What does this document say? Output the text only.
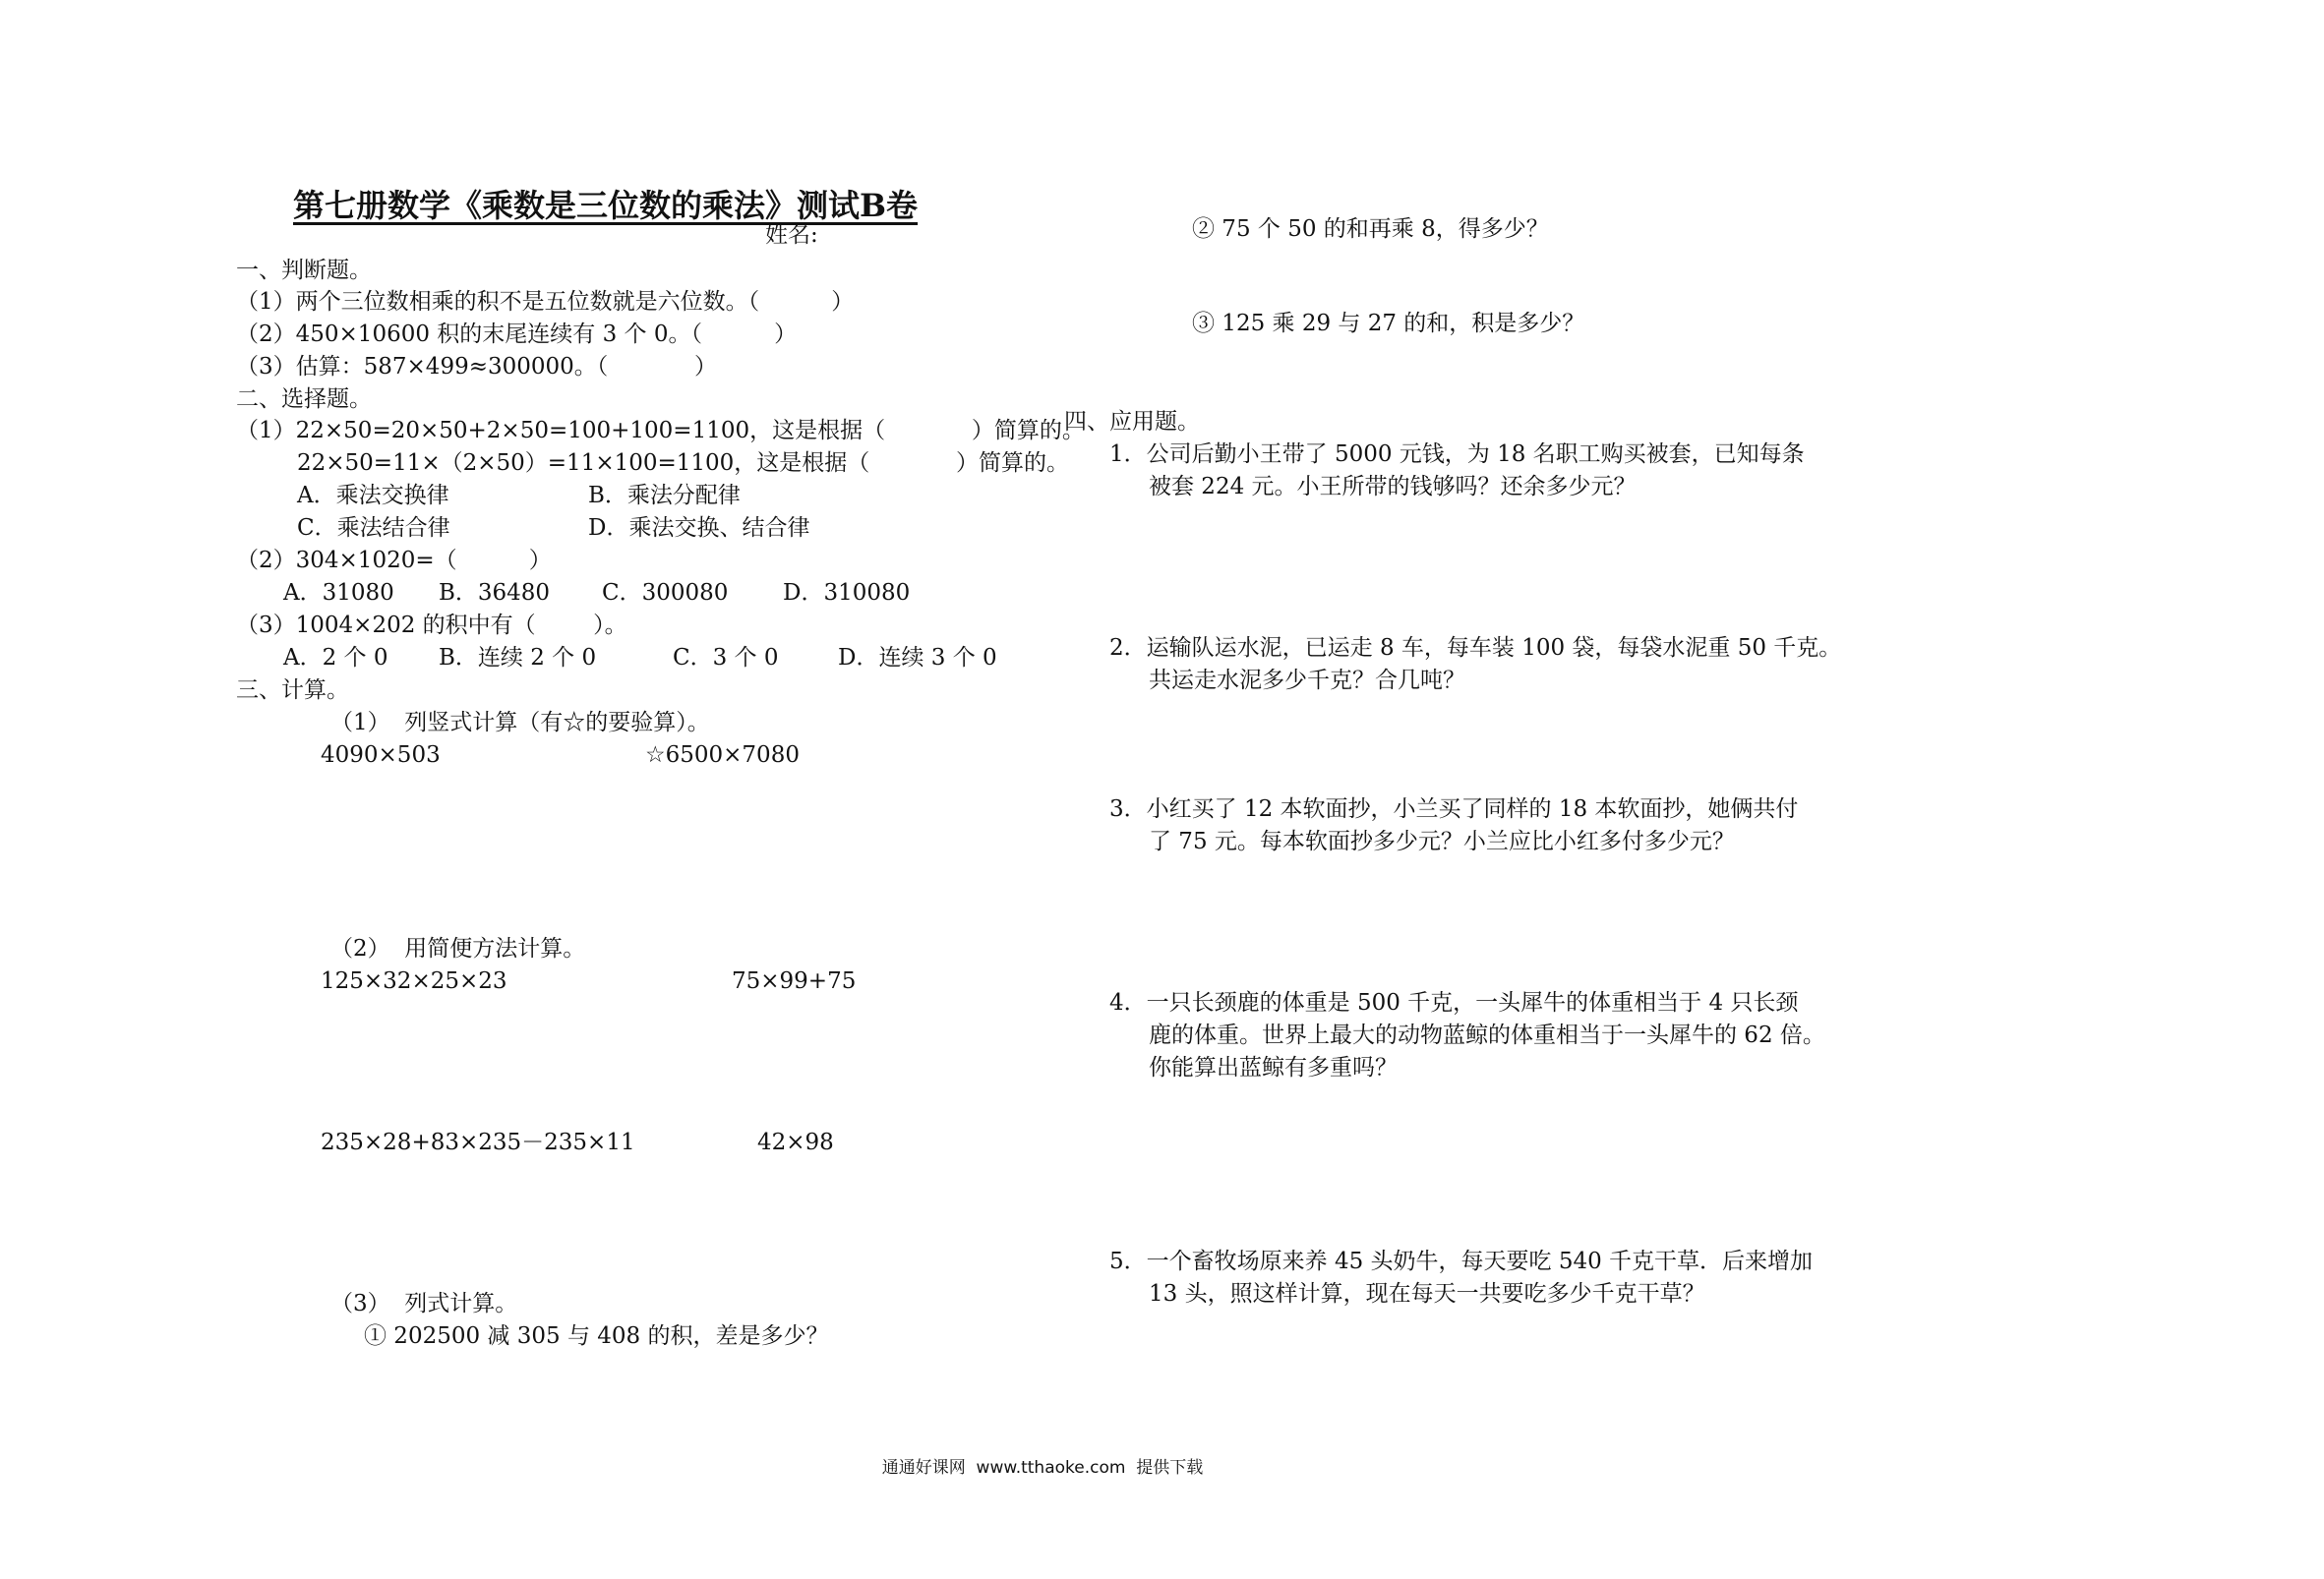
第七册数学《乘数是三位数的乘法》测试B卷
姓名:
一、判断题。
（1）两个三位数相乘的积不是五位数就是六位数。（          ）
（2）450×10600 积的末尾连续有 3 个 0。（          ）
（3）估算：587×499≈300000。（            ）
二、选择题。
（1）22×50=20×50+2×50=100+100=1100，这是根据（            ）简算的。
22×50=11×（2×50）=11×100=1100，这是根据（            ）简算的。
A．乘法交换律	B．乘法分配律
C．乘法结合律	D．乘法交换、结合律
（2）304×1020=（          ）
A．31080 B．36480 C．300080 D．310080
（3）1004×202 的积中有（        ）。
A．2 个 0 B．连续 2 个 0	C．3 个 0	D．连续 3 个 0
三、计算。
（1）  列竖式计算（有☆的要验算）。
4090×503	☆6500×7080
（2）  用简便方法计算。
125×32×25×23	75×99+75
235×28+83×235－235×11	42×98
（3）  列式计算。
① 202500 减 305 与 408 的积，差是多少？
② 75 个 50 的和再乘 8，得多少？
③ 125 乘 29 与 27 的和，积是多少？
四、应用题。
1．公司后勤小王带了 5000 元钱，为 18 名职工购买被套，已知每条
被套 224 元。小王所带的钱够吗？还余多少元？
2．运输队运水泥，已运走 8 车，每车装 100 袋，每袋水泥重 50 千克。
共运走水泥多少千克？合几吨？
3．小红买了 12 本软面抄，小兰买了同样的 18 本软面抄，她俩共付
了 75 元。每本软面抄多少元？小兰应比小红多付多少元？
4．一只长颈鹿的体重是 500 千克，一头犀牛的体重相当于 4 只长颈
鹿的体重。世界上最大的动物蓝鲸的体重相当于一头犀牛的 62 倍。
你能算出蓝鲸有多重吗？
5．一个畜牧场原来养 45 头奶牛，每天要吃 540 千克干草．后来增加
13 头，照这样计算，现在每天一共要吃多少千克干草？
通通好课网  www.tthaoke.com  提供下载
